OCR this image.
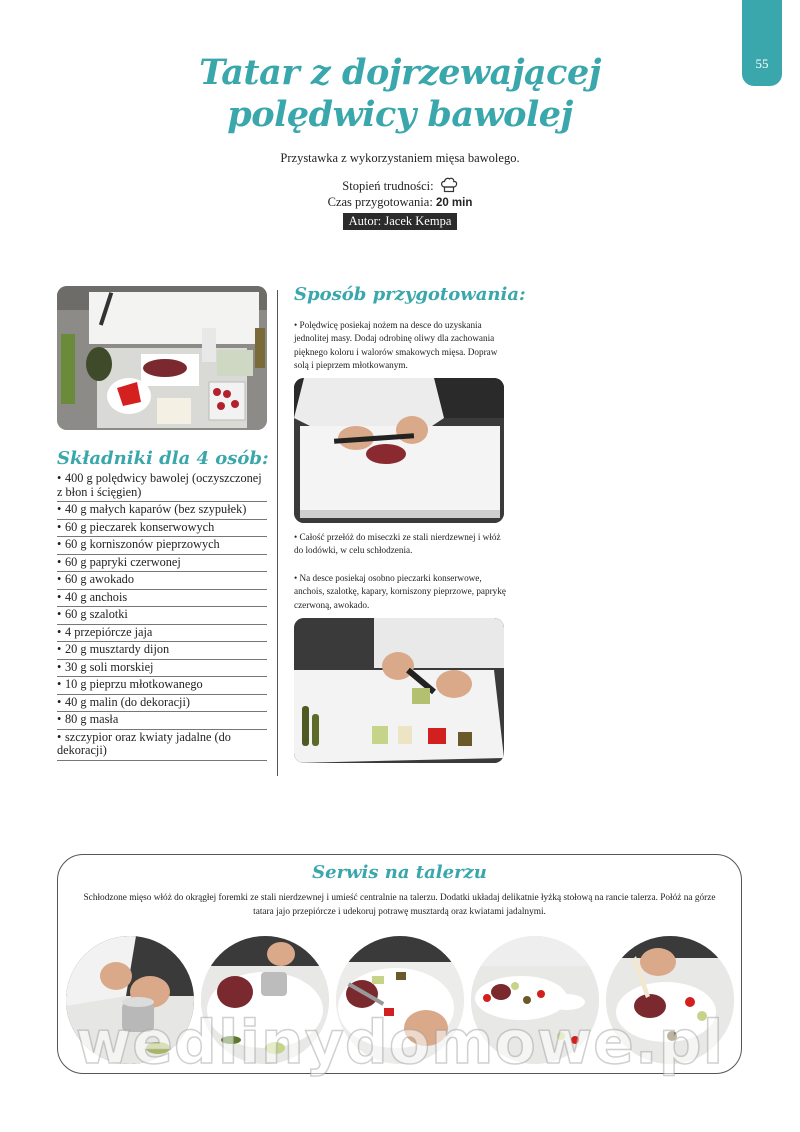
55
Tatar z dojrzewającej
polędwicy bawolej
Przystawka z wykorzystaniem mięsa bawolego.
Stopień trudności:
Czas przygotowania: 20 min
Autor: Jacek Kempa
Składniki dla 4 osób:
• 400 g polędwicy bawolej (oczyszczonej z błon i ścięgien)
• 40 g małych kaparów (bez szypułek)
• 60 g pieczarek konserwowych
• 60 g korniszonów pieprzowych
• 60 g papryki czerwonej
• 60 g awokado
• 40 g anchois
• 60 g szalotki
• 4 przepiórcze jaja
• 20 g musztardy dijon
• 30 g soli morskiej
• 10 g pieprzu młotkowanego
• 40 g malin (do dekoracji)
• 80 g masła
• szczypior oraz kwiaty jadalne (do dekoracji)
Sposób przygotowania:
• Polędwicę posiekaj nożem na desce do uzyskania jednolitej masy. Dodaj odrobinę oliwy dla zachowania pięknego koloru i walorów smakowych mięsa. Dopraw solą i pieprzem młotkowanym.
• Całość przełóż do miseczki ze stali nierdzewnej i włóż do lodówki, w celu schłodzenia.
• Na desce posiekaj osobno pieczarki konserwowe, anchois, szalotkę, kapary, korniszony pieprzowe, paprykę czerwoną, awokado.
Serwis na talerzu
Schłodzone mięso włóż do okrągłej foremki ze stali nierdzewnej i umieść centralnie na talerzu. Dodatki układaj delikatnie łyżką stołową na rancie talerza. Połóż na górze tatara jajo przepiórcze i udekoruj potrawę musztardą oraz kwiatami jadalnymi.
wedlinydomowe.pl
